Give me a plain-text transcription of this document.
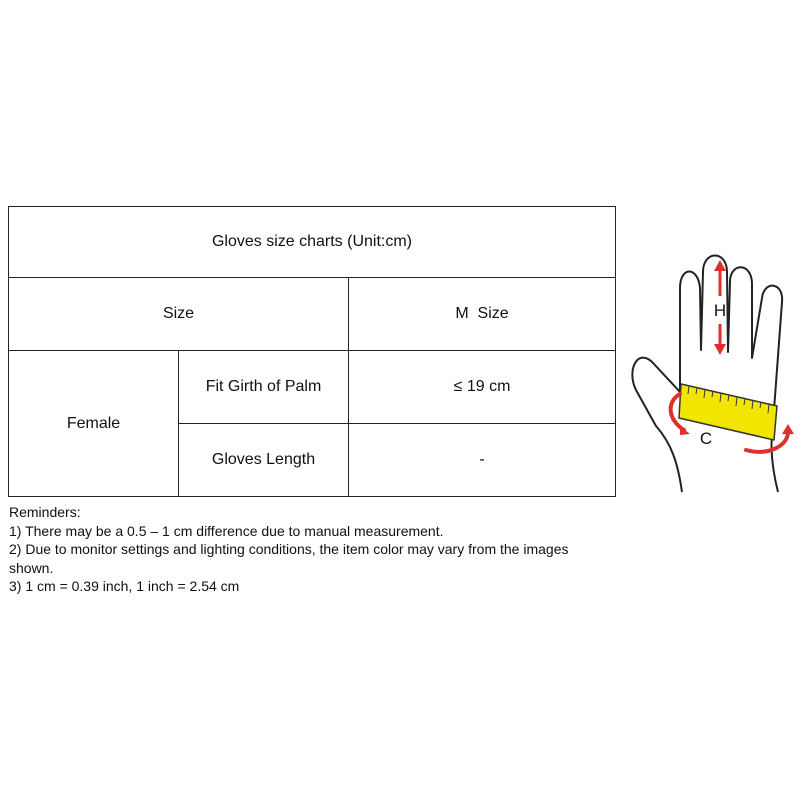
Gloves size charts (Unit:cm)		
Size		M  Size
Female	Fit Girth of Palm	≤ 19 cm
	Gloves Length	-
Reminders:
1) There may be a 0.5 – 1 cm difference due to manual measurement.
2) Due to monitor settings and lighting conditions, the item color may vary from the images shown.
3) 1 cm = 0.39 inch, 1 inch = 2.54 cm
H
C
